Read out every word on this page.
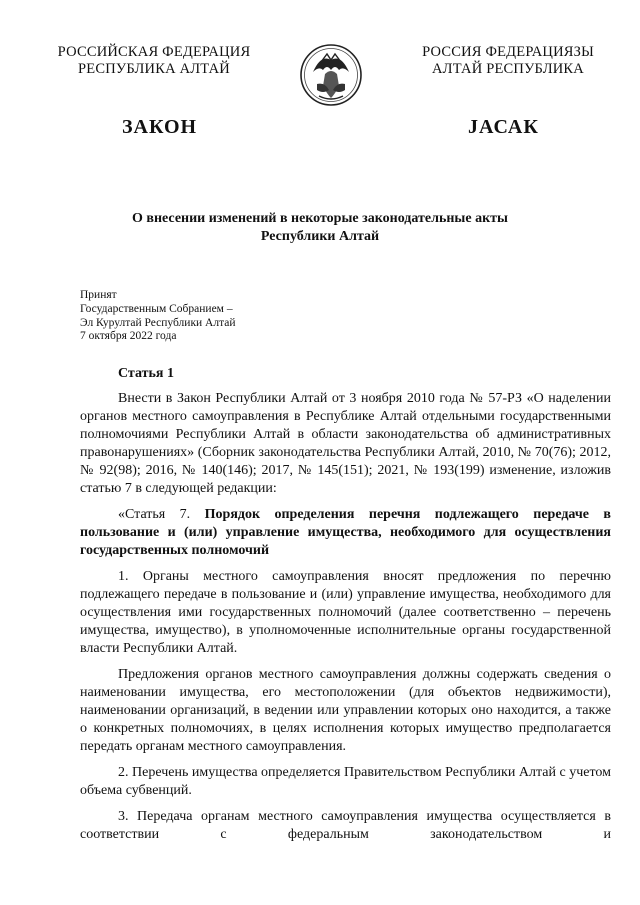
РОССИЙСКАЯ ФЕДЕРАЦИЯ
РЕСПУБЛИКА АЛТАЙ
РОССИЯ ФЕДЕРАЦИЯЗЫ
АЛТАЙ РЕСПУБЛИКА
ЗАКОН	JАСАК
О внесении изменений в некоторые законодательные акты
Республики Алтай
Принят
Государственным Собранием –
Эл Курултай Республики Алтай
7 октября 2022 года
Статья 1

Внести в Закон Республики Алтай от 3 ноября 2010 года № 57-РЗ «О наделении органов местного самоуправления в Республике Алтай отдельными государственными полномочиями Республики Алтай в области законодательства об административных правонарушениях» (Сборник законодательства Республики Алтай, 2010, № 70(76); 2012, № 92(98); 2016, № 140(146); 2017, № 145(151); 2021, № 193(199) изменение, изложив статью 7 в следующей редакции:

«Статья 7. Порядок определения перечня подлежащего передаче в пользование и (или) управление имущества, необходимого для осуществления государственных полномочий

1. Органы местного самоуправления вносят предложения по перечню подлежащего передаче в пользование и (или) управление имущества, необходимого для осуществления ими государственных полномочий (далее соответственно – перечень имущества, имущество), в уполномоченные исполнительные органы государственной власти Республики Алтай.

Предложения органов местного самоуправления должны содержать сведения о наименовании имущества, его местоположении (для объектов недвижимости), наименовании организаций, в ведении или управлении которых оно находится, а также о конкретных полномочиях, в целях исполнения которых имущество предполагается передать органам местного самоуправления.

2. Перечень имущества определяется Правительством Республики Алтай с учетом объема субвенций.

3. Передача органам местного самоуправления имущества осуществляется в соответствии с федеральным законодательством и
